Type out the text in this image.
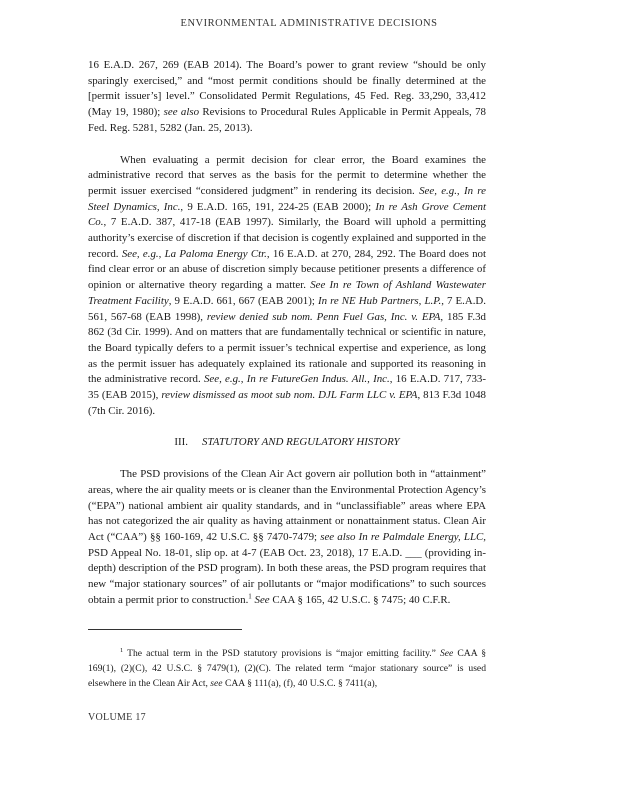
ENVIRONMENTAL ADMINISTRATIVE DECISIONS

16 E.A.D. 267, 269 (EAB 2014). The Board’s power to grant review “should be only sparingly exercised,” and “most permit conditions should be finally determined at the [permit issuer’s] level.” Consolidated Permit Regulations, 45 Fed. Reg. 33,290, 33,412 (May 19, 1980); see also Revisions to Procedural Rules Applicable in Permit Appeals, 78 Fed. Reg. 5281, 5282 (Jan. 25, 2013).

When evaluating a permit decision for clear error, the Board examines the administrative record that serves as the basis for the permit to determine whether the permit issuer exercised “considered judgment” in rendering its decision. See, e.g., In re Steel Dynamics, Inc., 9 E.A.D. 165, 191, 224-25 (EAB 2000); In re Ash Grove Cement Co., 7 E.A.D. 387, 417-18 (EAB 1997). Similarly, the Board will uphold a permitting authority’s exercise of discretion if that decision is cogently explained and supported in the record. See, e.g., La Paloma Energy Ctr., 16 E.A.D. at 270, 284, 292. The Board does not find clear error or an abuse of discretion simply because petitioner presents a difference of opinion or alternative theory regarding a matter. See In re Town of Ashland Wastewater Treatment Facility, 9 E.A.D. 661, 667 (EAB 2001); In re NE Hub Partners, L.P., 7 E.A.D. 561, 567-68 (EAB 1998), review denied sub nom. Penn Fuel Gas, Inc. v. EPA, 185 F.3d 862 (3d Cir. 1999). And on matters that are fundamentally technical or scientific in nature, the Board typically defers to a permit issuer’s technical expertise and experience, as long as the permit issuer has adequately explained its rationale and supported its reasoning in the administrative record. See, e.g., In re FutureGen Indus. All., Inc., 16 E.A.D. 717, 733-35 (EAB 2015), review dismissed as moot sub nom. DJL Farm LLC v. EPA, 813 F.3d 1048 (7th Cir. 2016).

III. STATUTORY AND REGULATORY HISTORY

The PSD provisions of the Clean Air Act govern air pollution both in “attainment” areas, where the air quality meets or is cleaner than the Environmental Protection Agency’s (“EPA”) national ambient air quality standards, and in “unclassifiable” areas where EPA has not categorized the air quality as having attainment or nonattainment status. Clean Air Act (“CAA”) §§ 160-169, 42 U.S.C. §§ 7470-7479; see also In re Palmdale Energy, LLC, PSD Appeal No. 18-01, slip op. at 4-7 (EAB Oct. 23, 2018), 17 E.A.D. ___ (providing in-depth) description of the PSD program). In both these areas, the PSD program requires that new “major stationary sources” of air pollutants or “major modifications” to such sources obtain a permit prior to construction.$^1$ See CAA § 165, 42 U.S.C. § 7475; 40 C.F.R.

$^1$ The actual term in the PSD statutory provisions is “major emitting facility.” See CAA § 169(1), (2)(C), 42 U.S.C. § 7479(1), (2)(C). The related term “major stationary source” is used elsewhere in the Clean Air Act, see CAA § 111(a), (f), 40 U.S.C. § 7411(a),

VOLUME 17
